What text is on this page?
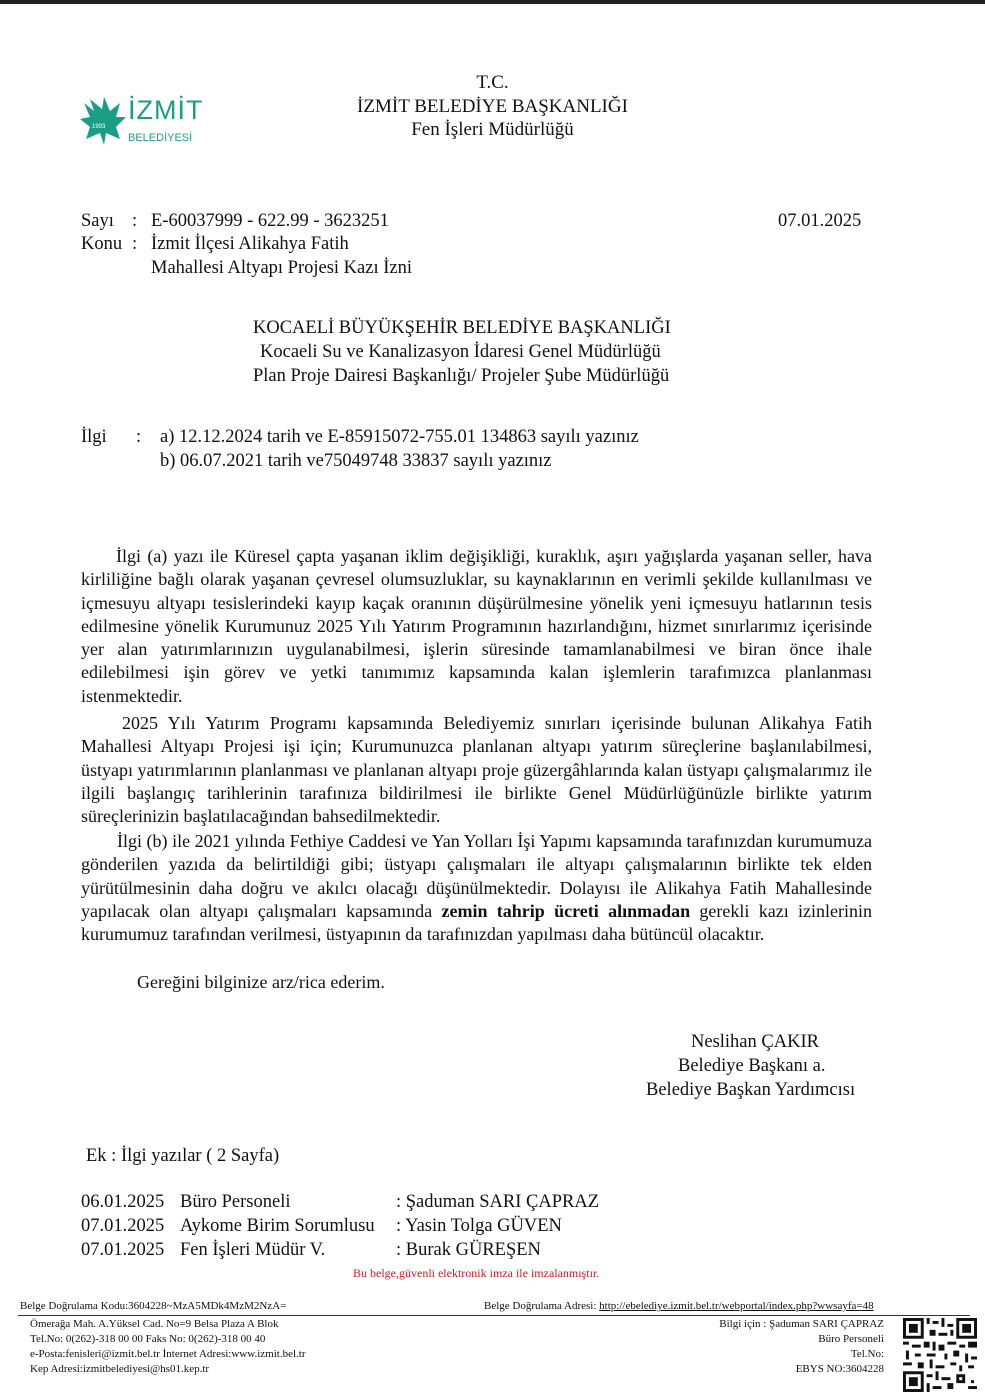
1993
İZMİT
BELEDİYESİ
T.C.
İZMİT BELEDİYE BAŞKANLIĞI
Fen İşleri Müdürlüğü
Sayı : E-60037999 - 622.99 - 3623251	07.01.2025
Konu : İzmit İlçesi Alikahya Fatih
Mahallesi Altyapı Projesi Kazı İzni
KOCAELİ BÜYÜKŞEHİR BELEDİYE BAŞKANLIĞI
Kocaeli Su ve Kanalizasyon İdaresi Genel Müdürlüğü
Plan Proje Dairesi Başkanlığı/ Projeler Şube Müdürlüğü
İlgi : a) 12.12.2024 tarih ve E-85915072-755.01 134863 sayılı yazınız
b) 06.07.2021 tarih ve75049748 33837 sayılı yazınız

İlgi (a) yazı ile Küresel çapta yaşanan iklim değişikliği, kuraklık, aşırı yağışlarda yaşanan seller, hava kirliliğine bağlı olarak yaşanan çevresel olumsuzluklar, su kaynaklarının en verimli şekilde kullanılması ve içmesuyu altyapı tesislerindeki kayıp kaçak oranının düşürülmesine yönelik yeni içmesuyu hatlarının tesis edilmesine yönelik Kurumunuz 2025 Yılı Yatırım Programının hazırlandığını, hizmet sınırlarımız içerisinde yer alan yatırımlarınızın uygulanabilmesi, işlerin süresinde tamamlanabilmesi ve biran önce ihale edilebilmesi işin görev ve yetki tanımımız kapsamında kalan işlemlerin tarafımızca planlanması istenmektedir.

2025 Yılı Yatırım Programı kapsamında Belediyemiz sınırları içerisinde bulunan Alikahya Fatih Mahallesi Altyapı Projesi işi için; Kurumunuzca planlanan altyapı yatırım süreçlerine başlanılabilmesi, üstyapı yatırımlarının planlanması ve planlanan altyapı proje güzergâhlarında kalan üstyapı çalışmalarımız ile ilgili başlangıç tarihlerinin tarafınıza bildirilmesi ile birlikte Genel Müdürlüğünüzle birlikte yatırım süreçlerinizin başlatılacağından bahsedilmektedir.

İlgi (b) ile 2021 yılında Fethiye Caddesi ve Yan Yolları İşi Yapımı kapsamında tarafınızdan kurumumuza gönderilen yazıda da belirtildiği gibi; üstyapı çalışmaları ile altyapı çalışmalarının birlikte tek elden yürütülmesinin daha doğru ve akılcı olacağı düşünülmektedir. Dolayısı ile Alikahya Fatih Mahallesinde yapılacak olan altyapı çalışmaları kapsamında zemin tahrip ücreti alınmadan gerekli kazı izinlerinin kurumumuz tarafından verilmesi, üstyapının da tarafınızdan yapılması daha bütüncül olacaktır.

Gereğini bilginize arz/rica ederim.

Neslihan ÇAKIR
Belediye Başkanı a.
Belediye Başkan Yardımcısı
Ek : İlgi yazılar ( 2 Sayfa)
06.01.2025 Büro Personeli	: Şaduman SARI ÇAPRAZ
07.01.2025 Aykome Birim Sorumlusu : Yasin Tolga GÜVEN
07.01.2025 Fen İşleri Müdür V.	: Burak GÜREŞEN
Bu belge,güvenli elektronik imza ile imzalanmıştır.
Belge Doğrulama Kodu:3604228~MzA5MDk4MzM2NzA=	Belge Doğrulama Adresi: http://ebelediye.izmit.bel.tr/webportal/index.php?wwsayfa=48
Ömerağa Mah. A.Yüksel Cad. No=9 Belsa Plaza A Blok
Tel.No: 0(262)-318 00 00 Faks No: 0(262)-318 00 40
e-Posta:fenisleri@izmit.bel.tr İnternet Adresi:www.izmit.bel.tr
Kep Adresi:izmitbelediyesi@hs01.kep.tr
Bilgi için : Şaduman SARI ÇAPRAZ
Büro Personeli
Tel.No:
EBYS NO:3604228
